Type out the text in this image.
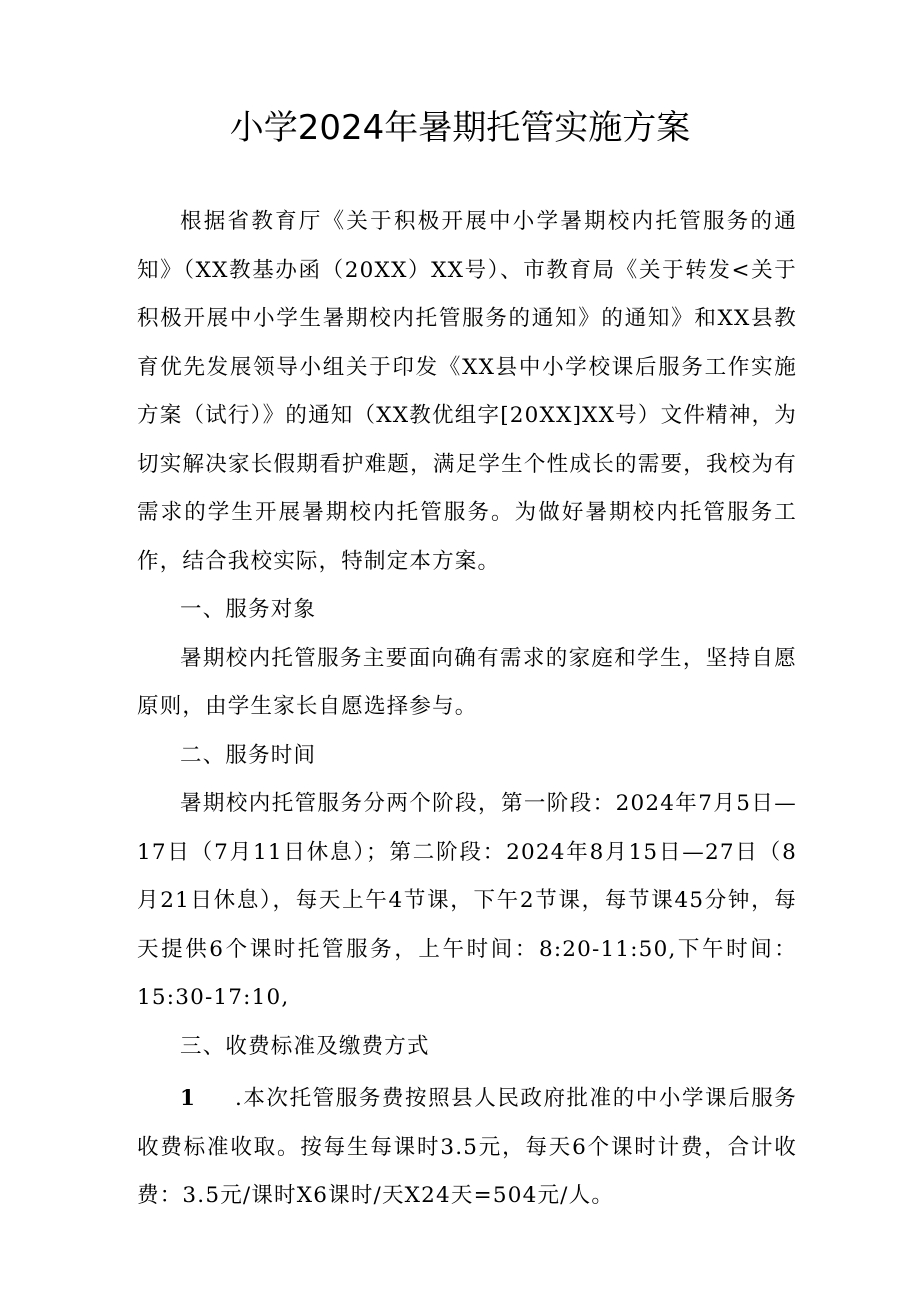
小学2024年暑期托管实施方案

根据省教育厅《关于积极开展中小学暑期校内托管服务的通知》（XX教基办函（20XX）XX号）、市教育局《关于转发<关于积极开展中小学生暑期校内托管服务的通知》的通知》和XX县教育优先发展领导小组关于印发《XX县中小学校课后服务工作实施方案（试行）》的通知（XX教优组字[20XX]XX号）文件精神，为切实解决家长假期看护难题，满足学生个性成长的需要，我校为有需求的学生开展暑期校内托管服务。为做好暑期校内托管服务工作，结合我校实际，特制定本方案。

一、服务对象

暑期校内托管服务主要面向确有需求的家庭和学生，坚持自愿原则，由学生家长自愿选择参与。

二、服务时间

暑期校内托管服务分两个阶段，第一阶段：2024年7月5日—17日（7月11日休息）；第二阶段：2024年8月15日—27日（8月21日休息），每天上午4节课，下午2节课，每节课45分钟，每天提供6个课时托管服务，上午时间：8:20-11:50,下午时间：15:30-17:10,

三、收费标准及缴费方式

1 .本次托管服务费按照县人民政府批准的中小学课后服务收费标准收取。按每生每课时3.5元，每天6个课时计费，合计收费：3.5元/课时X6课时/天X24天=504元/人。
